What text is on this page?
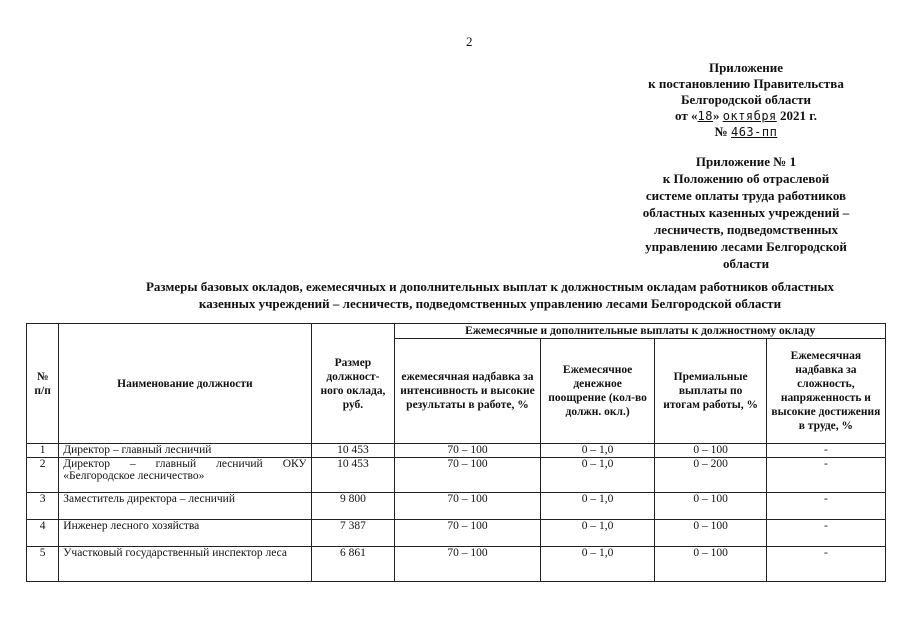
2
Приложение
к постановлению Правительства
Белгородской области
от «18» октября 2021 г.
№ 463-пп
Приложение № 1
к Положению об отраслевой
системе оплаты труда работников
областных казенных учреждений –
лесничеств, подведомственных
управлению лесами Белгородской
области
Размеры базовых окладов, ежемесячных и дополнительных выплат к должностным окладам работников областных
казенных учреждений – лесничеств, подведомственных управлению лесами Белгородской области
№ п/п	Наименование должности	Размер должност-ного оклада, руб.	Ежемесячные и дополнительные выплаты к должностному окладу			
			ежемесячная надбавка за интенсивность и высокие результаты в работе, %	Ежемесячное денежное поощрение (кол-во должн. окл.)	Премиальные выплаты по итогам работы, %	Ежемесячная надбавка за сложность, напряженность и высокие достижения в труде, %
1	Директор – главный лесничий	10 453	70 – 100	0 – 1,0	0 – 100	-
2	Директор – главный лесничий ОКУ «Белгородское лесничество»	10 453	70 – 100	0 – 1,0	0 – 200	-
3	Заместитель директора – лесничий	9 800	70 – 100	0 – 1,0	0 – 100	-
4	Инженер лесного хозяйства	7 387	70 – 100	0 – 1,0	0 – 100	-
5	Участковый государственный инспектор леса	6 861	70 – 100	0 – 1,0	0 – 100	-
